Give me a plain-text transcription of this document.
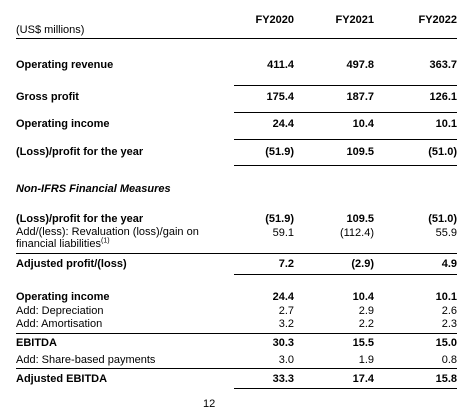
FY2020	FY2021	FY2022
(US$ millions)
Operating revenue	411.4	497.8	363.7
Gross profit	175.4	187.7	126.1
Operating income	24.4	10.4	10.1
(Loss)/profit for the year	(51.9)	109.5	(51.0)
Non-IFRS Financial Measures
(Loss)/profit for the year	(51.9)	109.5	(51.0)
Add/(less): Revaluation (loss)/gain on
financial liabilities$^{(1)}$
59.1	(112.4)	55.9
Adjusted profit/(loss)	7.2	(2.9)	4.9
Operating income	24.4	10.4	10.1
Add: Depreciation	2.7	2.9	2.6
Add: Amortisation	3.2	2.2	2.3
EBITDA	30.3	15.5	15.0
Add: Share-based payments	3.0	1.9	0.8
Adjusted EBITDA	33.3	17.4	15.8
12
